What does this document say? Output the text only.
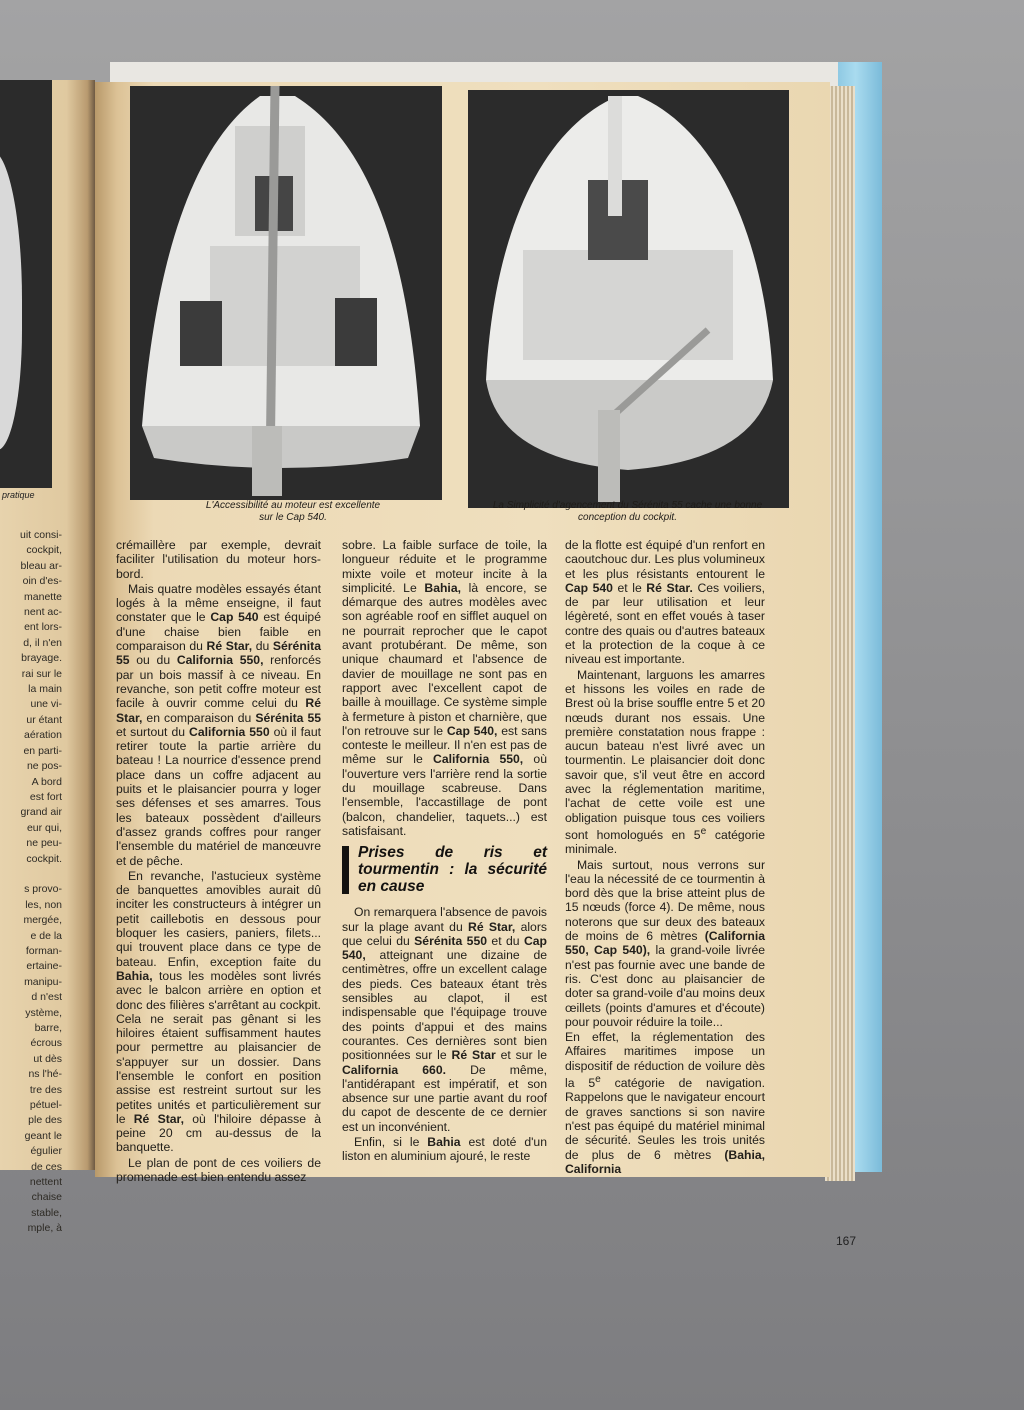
pratique
uit consi-
cockpit,
bleau ar-
oin d'es-
manette
nent ac-
ent lors-
d, il n'en
brayage.
rai sur le
la main
une vi-
ur étant
aération
en parti-
ne pos-
A bord
est fort
grand air
eur qui,
ne peu-
cockpit.

s provo-
les, non
mergée,
e de la
forman-
ertaine-
manipu-
d n'est
ystème,
barre,
écrous
ut dès
ns l'hé-
tre des
pétuel-
ple des
geant le
égulier
de ces
nettent
chaise
stable,
mple, à
L'Accessibilité au moteur est excellente
sur le Cap 540.
La Simplicité d'agencement du Sérénita 55 cache une bonne
conception du cockpit.

crémaillère par exemple, devrait faciliter l'utilisation du moteur hors-bord.

Mais quatre modèles essayés étant logés à la même enseigne, il faut constater que le Cap 540 est équipé d'une chaise bien faible en comparaison du Ré Star, du Sérénita 55 ou du California 550, renforcés par un bois massif à ce niveau. En revanche, son petit coffre moteur est facile à ouvrir comme celui du Ré Star, en comparaison du Sérénita 55 et surtout du California 550 où il faut retirer toute la partie arrière du bateau ! La nourrice d'essence prend place dans un coffre adjacent au puits et le plaisancier pourra y loger ses défenses et ses amarres. Tous les bateaux possèdent d'ailleurs d'assez grands coffres pour ranger l'ensemble du matériel de manœuvre et de pêche.

En revanche, l'astucieux système de banquettes amovibles aurait dû inciter les constructeurs à intégrer un petit caillebotis en dessous pour bloquer les casiers, paniers, filets... qui trouvent place dans ce type de bateau. Enfin, exception faite du Bahia, tous les modèles sont livrés avec le balcon arrière en option et donc des filières s'arrêtant au cockpit. Cela ne serait pas gênant si les hiloires étaient suffisamment hautes pour permettre au plaisancier de s'appuyer sur un dossier. Dans l'ensemble le confort en position assise est restreint surtout sur les petites unités et particulièrement sur le Ré Star, où l'hiloire dépasse à peine 20 cm au-dessus de la banquette.

Le plan de pont de ces voiliers de promenade est bien entendu assez

sobre. La faible surface de toile, la longueur réduite et le programme mixte voile et moteur incite à la simplicité. Le Bahia, là encore, se démarque des autres modèles avec son agréable roof en sifflet auquel on ne pourrait reprocher que le capot avant protubérant. De même, son unique chaumard et l'absence de davier de mouillage ne sont pas en rapport avec l'excellent capot de baille à mouillage. Ce système simple à fermeture à piston et charnière, que l'on retrouve sur le Cap 540, est sans conteste le meilleur. Il n'en est pas de même sur le California 550, où l'ouverture vers l'arrière rend la sortie du mouillage scabreuse. Dans l'ensemble, l'accastillage de pont (balcon, chandelier, taquets...) est satisfaisant.

Prises de ris et tourmentin : la sécurité en cause

On remarquera l'absence de pavois sur la plage avant du Ré Star, alors que celui du Sérénita 550 et du Cap 540, atteignant une dizaine de centimètres, offre un excellent calage des pieds. Ces bateaux étant très sensibles au clapot, il est indispensable que l'équipage trouve des points d'appui et des mains courantes. Ces dernières sont bien positionnées sur le Ré Star et sur le California 660. De même, l'antidérapant est impératif, et son absence sur une partie avant du roof du capot de descente de ce dernier est un inconvénient.

Enfin, si le Bahia est doté d'un liston en aluminium ajouré, le reste

de la flotte est équipé d'un renfort en caoutchouc dur. Les plus volumineux et les plus résistants entourent le Cap 540 et le Ré Star. Ces voiliers, de par leur utilisation et leur légèreté, sont en effet voués à taser contre des quais ou d'autres bateaux et la protection de la coque à ce niveau est importante.

Maintenant, larguons les amarres et hissons les voiles en rade de Brest où la brise souffle entre 5 et 20 nœuds durant nos essais. Une première constatation nous frappe : aucun bateau n'est livré avec un tourmentin. Le plaisancier doit donc savoir que, s'il veut être en accord avec la réglementation maritime, l'achat de cette voile est une obligation puisque tous ces voiliers sont homologués en 5e catégorie minimale.

Mais surtout, nous verrons sur l'eau la nécessité de ce tourmentin à bord dès que la brise atteint plus de 15 nœuds (force 4). De même, nous noterons que sur deux des bateaux de moins de 6 mètres (California 550, Cap 540), la grand-voile livrée n'est pas fournie avec une bande de ris. C'est donc au plaisancier de doter sa grand-voile d'au moins deux œillets (points d'amures et d'écoute) pour pouvoir réduire la toile...

En effet, la réglementation des Affaires maritimes impose un dispositif de réduction de voilure dès la 5e catégorie de navigation. Rappelons que le navigateur encourt de graves sanctions si son navire n'est pas équipé du matériel minimal de sécurité. Seules les trois unités de plus de 6 mètres (Bahia, California

167
